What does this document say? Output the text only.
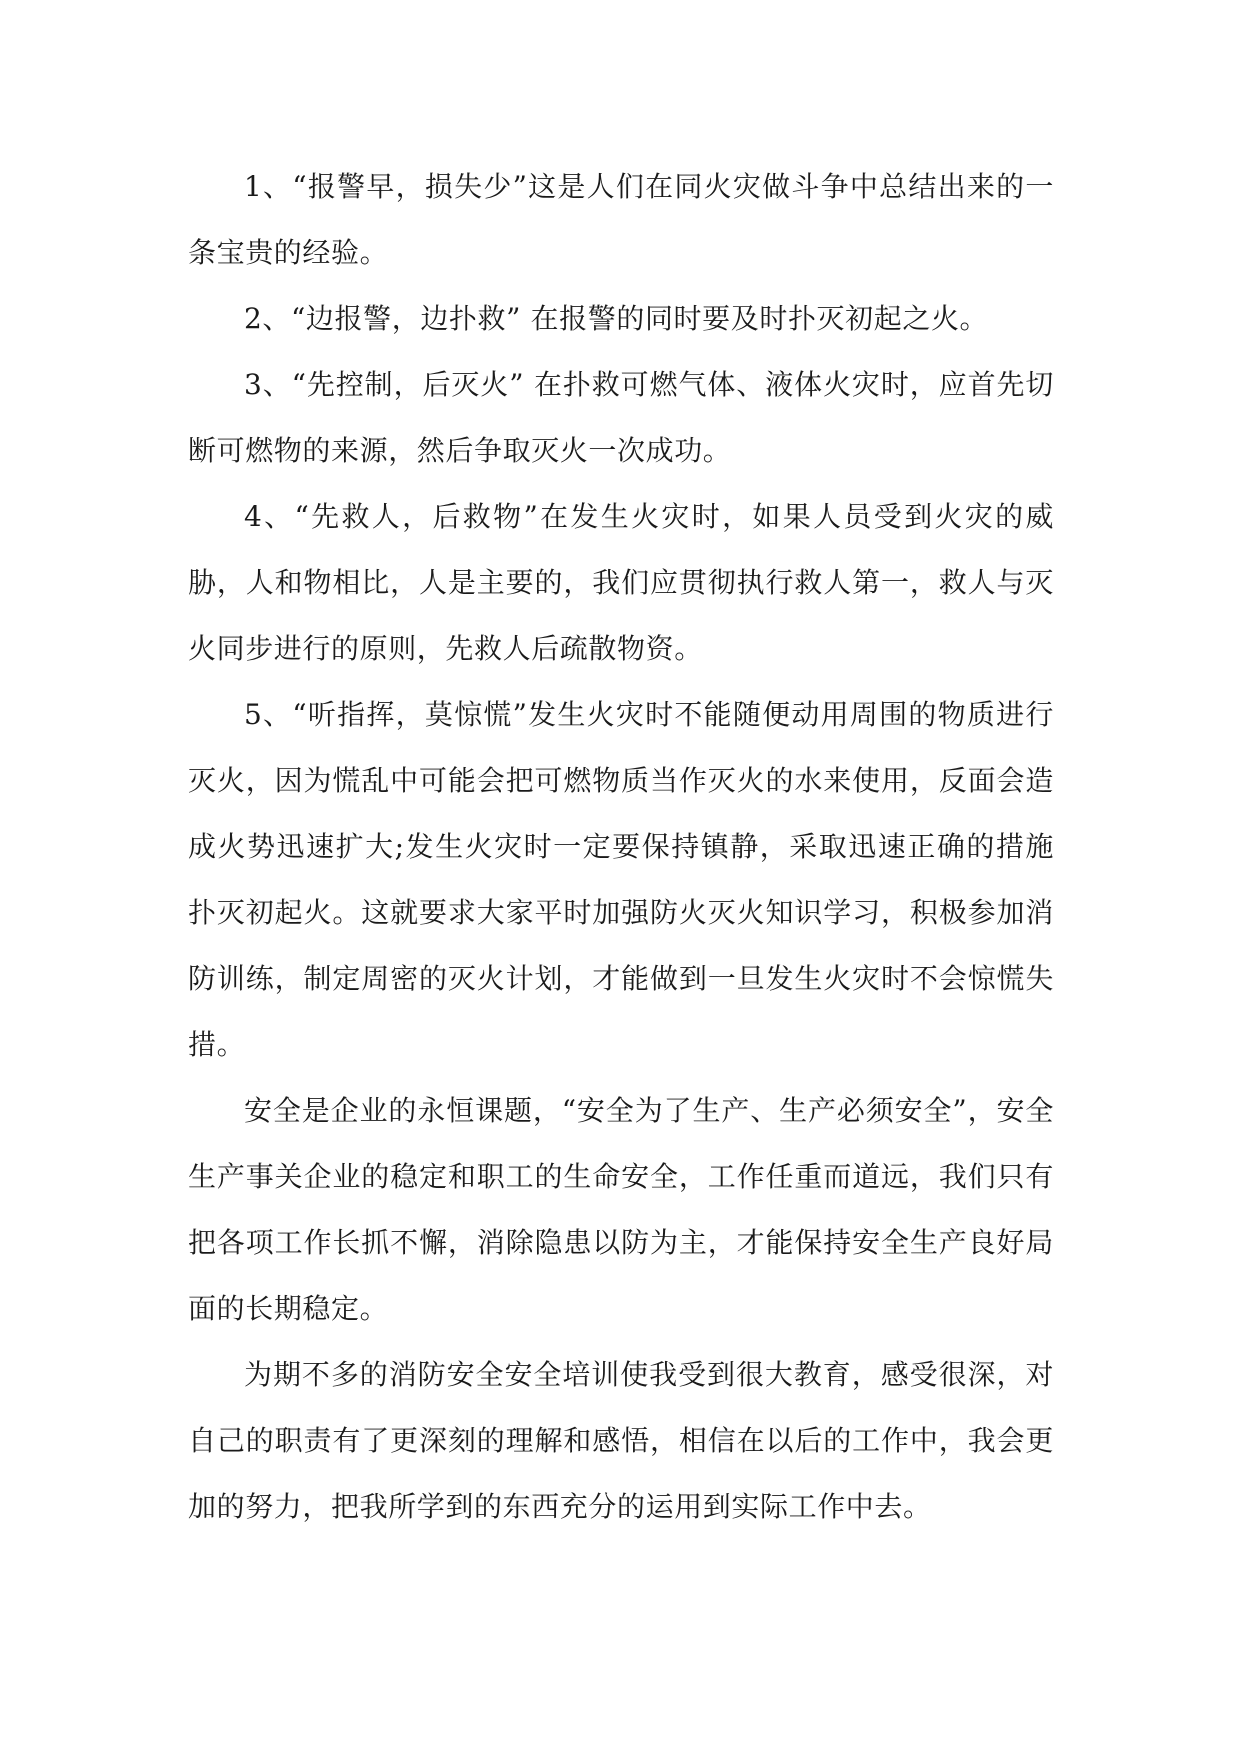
1、“报警早，损失少”这是人们在同火灾做斗争中总结出来的一条宝贵的经验。

2、“边报警，边扑救” 在报警的同时要及时扑灭初起之火。

3、“先控制，后灭火” 在扑救可燃气体、液体火灾时，应首先切断可燃物的来源，然后争取灭火一次成功。

4、“先救人，后救物”在发生火灾时，如果人员受到火灾的威胁，人和物相比，人是主要的，我们应贯彻执行救人第一，救人与灭火同步进行的原则，先救人后疏散物资。

5、“听指挥，莫惊慌”发生火灾时不能随便动用周围的物质进行灭火，因为慌乱中可能会把可燃物质当作灭火的水来使用，反面会造成火势迅速扩大;发生火灾时一定要保持镇静，采取迅速正确的措施扑灭初起火。这就要求大家平时加强防火灭火知识学习，积极参加消防训练，制定周密的灭火计划，才能做到一旦发生火灾时不会惊慌失措。

安全是企业的永恒课题，“安全为了生产、生产必须安全”，安全生产事关企业的稳定和职工的生命安全，工作任重而道远，我们只有把各项工作长抓不懈，消除隐患以防为主，才能保持安全生产良好局面的长期稳定。

为期不多的消防安全安全培训使我受到很大教育，感受很深，对自己的职责有了更深刻的理解和感悟，相信在以后的工作中，我会更加的努力，把我所学到的东西充分的运用到实际工作中去。
